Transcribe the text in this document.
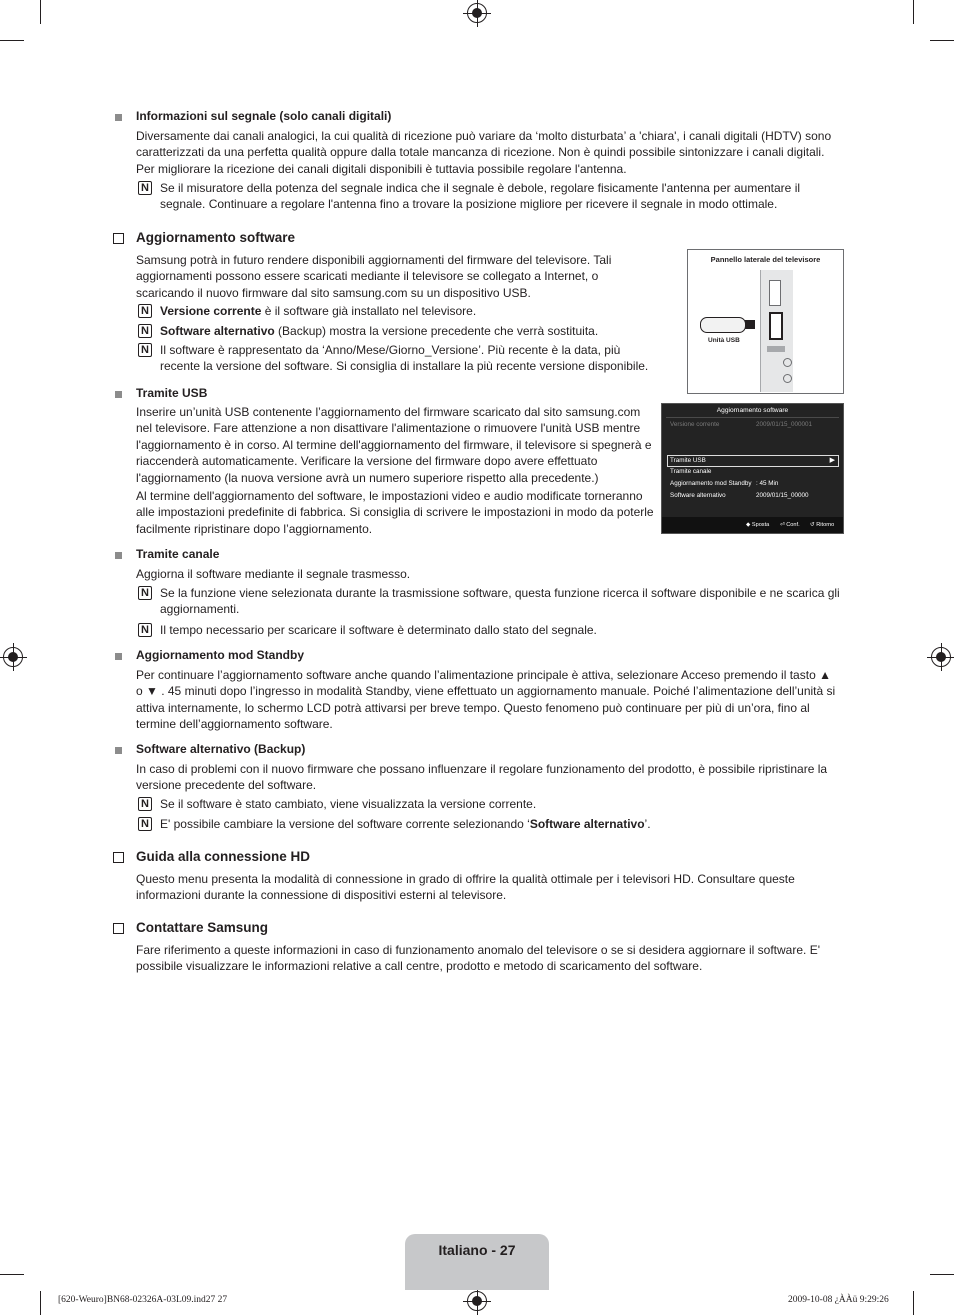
Informazioni sul segnale (solo canali digitali)

Diversamente dai canali analogici, la cui qualità di ricezione può variare da ‘molto disturbata’ a 'chiara', i canali digitali (HDTV) sono caratterizzati da una perfetta qualità oppure dalla totale mancanza di ricezione. Non è quindi possibile sintonizzare i canali digitali. Per migliorare la ricezione dei canali digitali disponibili è tuttavia possibile regolare l'antenna.

N Se il misuratore della potenza del segnale indica che il segnale è debole, regolare fisicamente l'antenna per aumentare il segnale. Continuare a regolare l'antenna fino a trovare la posizione migliore per ricevere il segnale in modo ottimale.

Aggiornamento software

Samsung potrà in futuro rendere disponibili aggiornamenti del firmware del televisore. Tali aggiornamenti possono essere scaricati mediante il televisore se collegato a Internet, o scaricando il nuovo firmware dal sito samsung.com su un dispositivo USB.

N Versione corrente è il software già installato nel televisore.

N Software alternativo (Backup) mostra la versione precedente che verrà sostituita.

N Il software è rappresentato da ‘Anno/Mese/Giorno_Versione’. Più recente è la data, più recente la versione del software. Si consiglia di installare la più recente versione disponibile.

Pannello laterale del televisore
Unità USB
Tramite USB

Inserire un’unità USB contenente l’aggiornamento del firmware scaricato dal sito samsung.com nel televisore. Fare attenzione a non disattivare l'alimentazione o rimuovere l'unità USB mentre l'aggiornamento è in corso. Al termine dell'aggiornamento del firmware, il televisore si spegnerà e riaccenderà automaticamente. Verificare la versione del firmware dopo avere effettuato l'aggiornamento (la nuova versione avrà un numero superiore rispetto alla precedente.)

Al termine dell'aggiornamento del software, le impostazioni video e audio modificate torneranno alle impostazioni predefinite di fabbrica. Si consiglia di scrivere le impostazioni in modo da poterle facilmente ripristinare dopo l’aggiornamento.

Aggiornamento software
Versione corrente	2009/01/15_000001
Tramite USB	▶
Tramite canale
Aggiornamento mod Standby : 45 Min
Software alternativo	2009/01/15_00000
◆ Sposta ⏎ Conf. ↺ Ritorno
Tramite canale

Aggiorna il software mediante il segnale trasmesso.

N Se la funzione viene selezionata durante la trasmissione software, questa funzione ricerca il software disponibile e ne scarica gli aggiornamenti.

N Il tempo necessario per scaricare il software è determinato dallo stato del segnale.

Aggiornamento mod Standby

Per continuare l’aggiornamento software anche quando l’alimentazione principale è attiva, selezionare Acceso premendo il tasto ▲ o ▼ . 45 minuti dopo l’ingresso in modalità Standby, viene effettuato un aggiornamento manuale. Poiché l’alimentazione dell’unità si attiva internamente, lo schermo LCD potrà attivarsi per breve tempo. Questo fenomeno può continuare per più di un’ora, fino al termine dell’aggiornamento software.

Software alternativo (Backup)

In caso di problemi con il nuovo firmware che possano influenzare il regolare funzionamento del prodotto, è possibile ripristinare la versione precedente del software.

N Se il software è stato cambiato, viene visualizzata la versione corrente.

N E' possibile cambiare la versione del software corrente selezionando ‘Software alternativo’.

Guida alla connessione HD

Questo menu presenta la modalità di connessione in grado di offrire la qualità ottimale per i televisori HD. Consultare queste informazioni durante la connessione di dispositivi esterni al televisore.

Contattare Samsung

Fare riferimento a queste informazioni in caso di funzionamento anomalo del televisore o se si desidera aggiornare il software. E' possibile visualizzare le informazioni relative a call centre, prodotto e metodo di scaricamento del software.

Italiano - 27
[620-Weuro]BN68-02326A-03L09.ind27 27	2009-10-08 ¿ÀÀü 9:29:26
